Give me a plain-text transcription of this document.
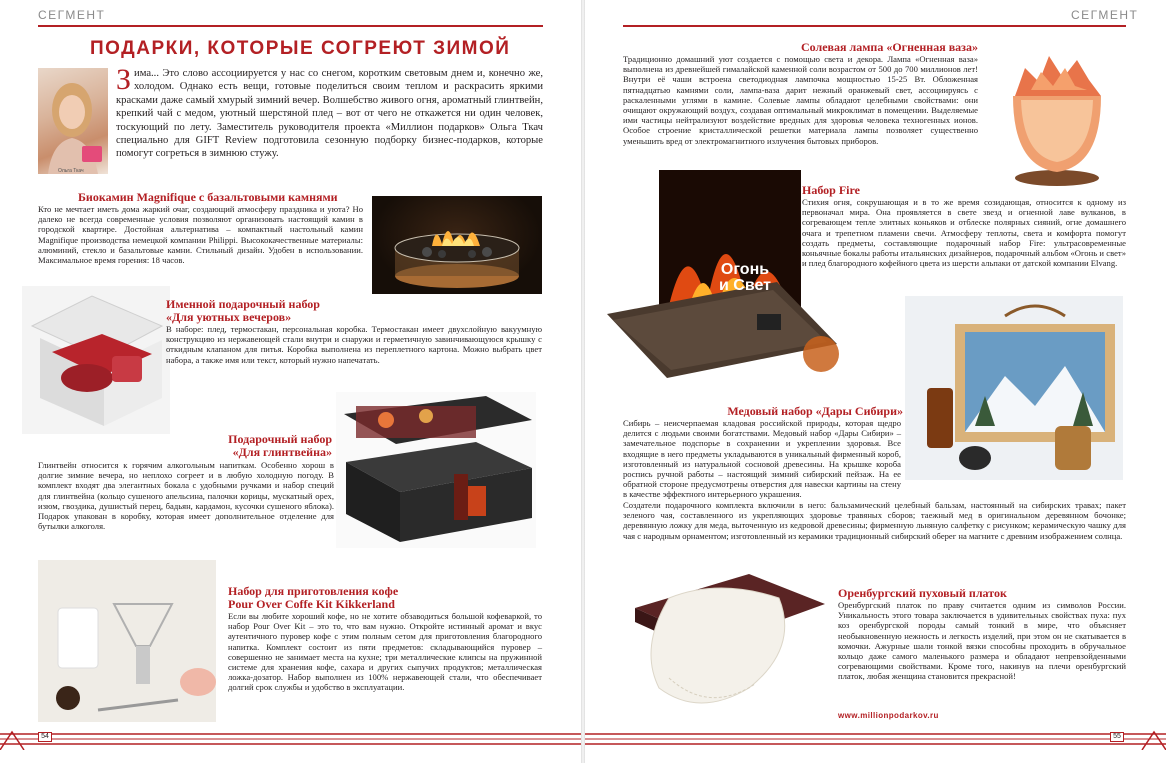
СЕГМЕНТ
ПОДАРКИ, КОТОРЫЕ СОГРЕЮТ ЗИМОЙ
Ольга Ткач
З има... Это слово ассоциируется у нас со снегом, коротким световым днем и, конечно же, холодом. Однако есть вещи, готовые поделиться своим теплом и раскрасить яркими красками даже самый хмурый зимний вечер. Волшебство живого огня, ароматный глинтвейн, крепкий чай с медом, уютный шерстяной плед – вот от чего не откажется ни один человек, тоскующий по лету. Заместитель руководителя проекта «Миллион подарков» Ольга Ткач специально для GIFT Review подготовила сезонную подборку бизнес-подарков, которые помогут согреться в зимнюю стужу.
Биокамин Magnifique с базальтовыми камнями
Кто не мечтает иметь дома жаркий очаг, создающий атмосферу праздника и уюта? Но далеко не всегда современные условия позволяют организовать настоящий камин в городской квартире. Достойная альтернатива – компактный настольный камин Magnifique производства немецкой компании Philippi. Высококачественные материалы: алюминий, стекло и базальтовые камни. Стильный дизайн. Удобен в использовании. Максимальное время горения: 18 часов.
Именной подарочный набор
«Для уютных вечеров»
В наборе: плед, термостакан, персональная коробка. Термостакан имеет двухслойную вакуумную конструкцию из нержавеющей стали внутри и снаружи и герметичную завинчивающуюся крышку с откидным клапаном для питья. Коробка выполнена из переплетного картона. Можно выбрать цвет набора, а также имя или текст, который нужно напечатать.
Подарочный набор
«Для глинтвейна»
Глинтвейн относится к горячим алкогольным напиткам. Особенно хорош в долгие зимние вечера, но неплохо согреет и в любую холодную погоду. В комплект входят два элегантных бокала с удобными ручками и набор специй для глинтвейна (кольцо сушеного апельсина, палочки корицы, мускатный орех, изюм, гвоздика, душистый перец, бадьян, кардамон, кусочки сушеного яблока). Подарок упакован в коробку, которая имеет дополнительное отделение для бутылки алкоголя.
Набор для приготовления кофе
Pour Over Coffe Kit Kikkerland
Если вы любите хороший кофе, но не хотите обзаводиться большой кофеваркой, то набор Pour Over Kit – это то, что вам нужно. Откройте истинный аромат и вкус аутентичного пуровер кофе с этим полным сетом для приготовления благородного напитка. Комплект состоит из пяти предметов: складывающийся пуровер – совершенно не занимает места на кухне; три металлические клипсы на пружинной системе для хранения кофе, сахара и других сыпучих продуктов; металлическая ложка-дозатор. Набор выполнен из 100% нержавеющей стали, что обеспечивает долгий срок службы и удобство в эксплуатации.
54
СЕГМЕНТ
Солевая лампа «Огненная ваза»
Традиционно домашний уют создается с помощью света и декора. Лампа «Огненная ваза» выполнена из древнейшей гималайской каменной соли возрастом от 500 до 700 миллионов лет! Внутри её чаши встроена светодиодная лампочка мощностью 15-25 Вт. Обложенная пятнадцатью камнями соли, лампа-ваза дарит нежный оранжевый свет, ассоциируясь с раскаленными углями в камине. Солевые лампы обладают целебными свойствами: они очищают окружающий воздух, создавая оптимальный микроклимат в помещении. Выделяемые ими частицы нейтрализуют воздействие вредных для здоровья человека техногенных ионов. Особое строение кристаллической решетки материала лампы позволяет существенно уменьшить вред от электромагнитного излучения бытовых приборов.
Огонь
и Свет
Набор Fire
Стихия огня, сокрушающая и в то же время созидающая, относится к одному из первоначал мира. Она проявляется в свете звезд и огненной лаве вулканов, в согревающем тепле элитных коньяков и отблеске полярных сияний, огне домашнего очага и трепетном пламени свечи. Атмосферу теплоты, света и комфорта помогут создать предметы, составляющие подарочный набор Fire: ультрасовременные коньячные бокалы работы итальянских дизайнеров, подарочный альбом «Огонь и свет» и плед благородного кофейного цвета из шерсти альпаки от датской компании Elvang.
Медовый набор «Дары Сибири»
Сибирь – неисчерпаемая кладовая российской природы, которая щедро делится с людьми своими богатствами. Медовый набор «Дары Сибири» – замечательное подспорье в сохранении и укреплении здоровья. Все входящие в него предметы укладываются в уникальный фирменный короб, изготовленный из натуральной сосновой древесины. На крышке короба роспись ручной работы – настоящий зимний сибирский пейзаж. На ее обратной стороне предусмотрены отверстия для навески картины на стену в качестве эффектного интерьерного украшения.
Создатели подарочного комплекта включили в него: бальзамический целебный бальзам, настоянный на сибирских травах; пакет зеленого чая, составленного из укрепляющих здоровье травяных сборов; таежный мед в оригинальном деревянном бочонке; деревянную ложку для меда, выточенную из кедровой древесины; фирменную льняную салфетку с рисунком; керамическую чашку для чая с народным орнаментом; изготовленный из керамики традиционный сибирский оберег на магните с древним изображением солнца.
Оренбургский пуховый платок
Оренбургский платок по праву считается одним из символов России. Уникальность этого товара заключается в удивительных свойствах пуха: пух коз оренбургской породы самый тонкий в мире, что объясняет необыкновенную нежность и легкость изделий, при этом он не скатывается в комочки. Ажурные шали тонкой вязки способны проходить в обручальное кольцо даже самого маленького размера и обладают непревзойденными согревающими свойствами. Кроме того, накинув на плечи оренбургский платок, любая женщина становится прекрасной!
www.millionpodarkov.ru
55
